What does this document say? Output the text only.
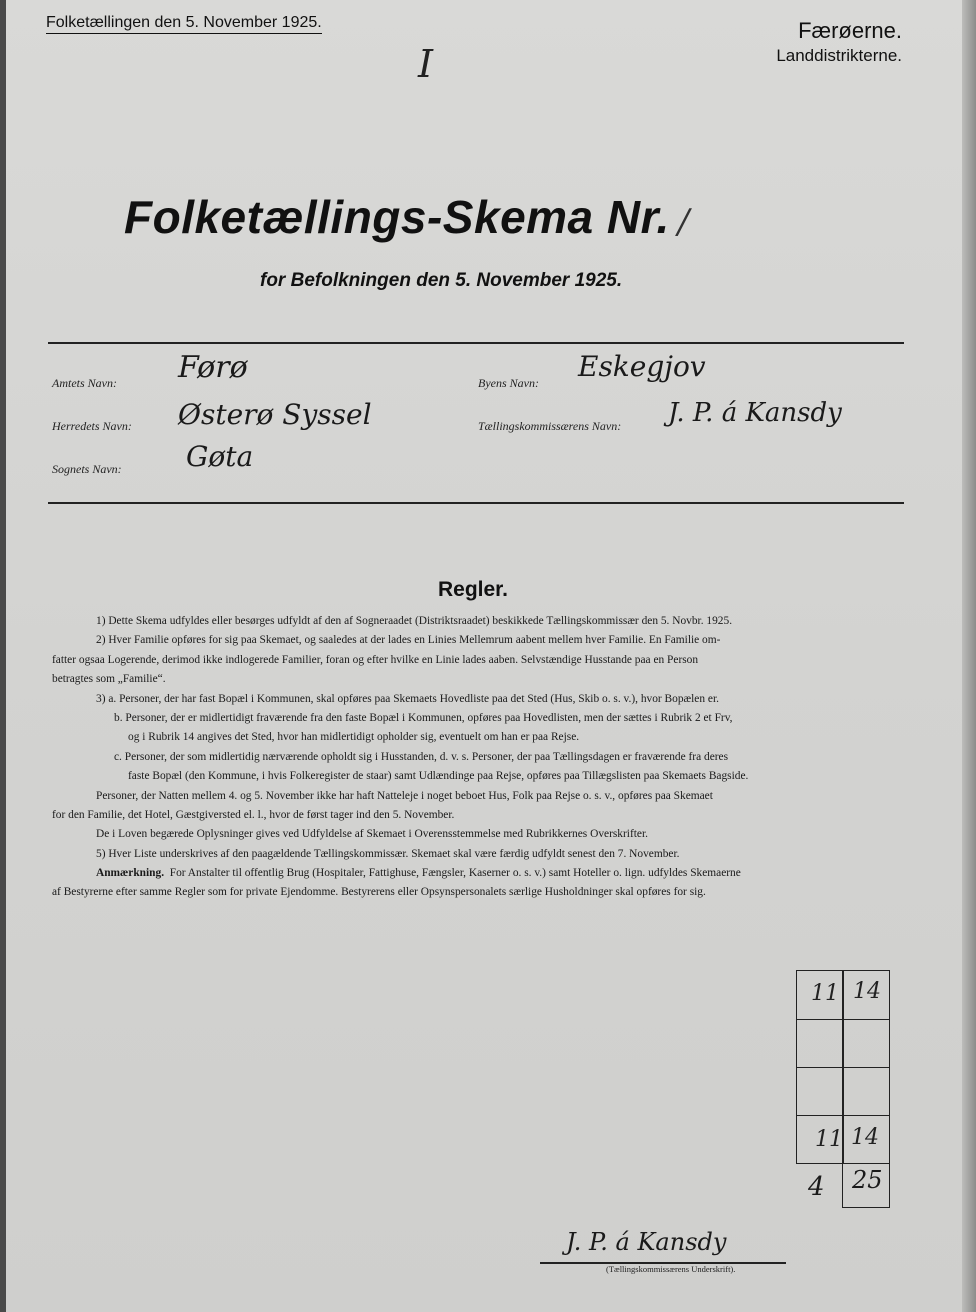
Folketællingen den 5. November 1925.	Færøerne.
Landdistrikterne.
I
Folketællings-Skema Nr. /
for Befolkningen den 5. November 1925.
Amtets Navn: Førø	Byens Navn: Eskegjov
Herredets Navn: Østerø Syssel	Tællingskommissærens Navn: J. P. á Kansdy
Sognets Navn: Gøta
Regler.
1) Dette Skema udfyldes eller besørges udfyldt af den af Sogneraadet (Distriktsraadet) beskikkede Tællingskommissær den 5. Novbr. 1925.
2) Hver Familie opføres for sig paa Skemaet, og saaledes at der lades en Linies Mellemrum aabent mellem hver Familie. En Familie om-
fatter ogsaa Logerende, derimod ikke indlogerede Familier, foran og efter hvilke en Linie lades aaben. Selvstændige Husstande paa en Person
betragtes som „Familie“.
3) a. Personer, der har fast Bopæl i Kommunen, skal opføres paa Skemaets Hovedliste paa det Sted (Hus, Skib o. s. v.), hvor Bopælen er.
b. Personer, der er midlertidigt fraværende fra den faste Bopæl i Kommunen, opføres paa Hovedlisten, men der sættes i Rubrik 2 et Frv,
og i Rubrik 14 angives det Sted, hvor han midlertidigt opholder sig, eventuelt om han er paa Rejse.
c. Personer, der som midlertidig nærværende opholdt sig i Husstanden, d. v. s. Personer, der paa Tællingsdagen er fraværende fra deres
faste Bopæl (den Kommune, i hvis Folkeregister de staar) samt Udlændinge paa Rejse, opføres paa Tillægslisten paa Skemaets Bagside.
Personer, der Natten mellem 4. og 5. November ikke har haft Natteleje i noget beboet Hus, Folk paa Rejse o. s. v., opføres paa Skemaet
for den Familie, det Hotel, Gæstgiversted el. l., hvor de først tager ind den 5. November.
De i Loven begærede Oplysninger gives ved Udfyldelse af Skemaet i Overensstemmelse med Rubrikkernes Overskrifter.
5) Hver Liste underskrives af den paagældende Tællingskommissær. Skemaet skal være færdig udfyldt senest den 7. November.
Anmærkning. For Anstalter til offentlig Brug (Hospitaler, Fattighuse, Fængsler, Kaserner o. s. v.) samt Hoteller o. lign. udfyldes Skemaerne
af Bestyrerne efter samme Regler som for private Ejendomme. Bestyrerens eller Opsynspersonalets særlige Husholdninger skal opføres for sig.
11 14
11 14
4 25
J. P. á Kansdy
(Tællingskommissærens Underskrift).
